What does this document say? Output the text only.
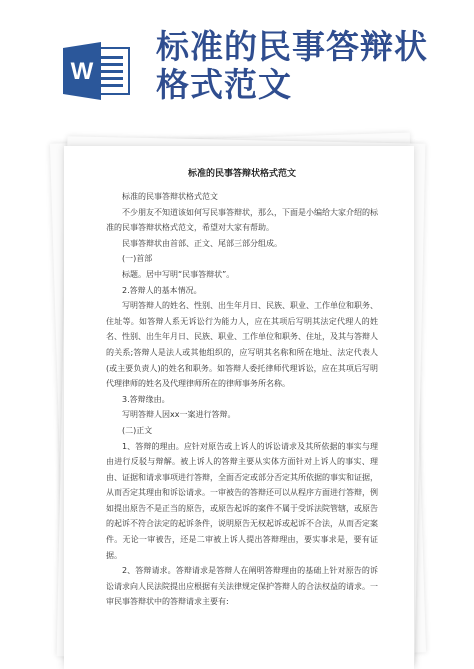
W
标准的民事答辩状
格式范文
标准的民事答辩状格式范文

标准的民事答辩状格式范文

不少朋友不知道该如何写民事答辩状，那么，下面是小编给大家介绍的标准的民事答辩状格式范文，希望对大家有帮助。

民事答辩状由首部、正文、尾部三部分组成。

(一)首部

标题。居中写明“民事答辩状”。

2.答辩人的基本情况。

写明答辩人的姓名、性别、出生年月日、民族、职业、工作单位和职务、住址等。如答辩人系无诉讼行为能力人，应在其项后写明其法定代理人的姓名、性别、出生年月日、民族、职业、工作单位和职务、住址，及其与答辩人的关系;答辩人是法人或其他组织的，应写明其名称和所在地址、法定代表人(或主要负责人)的姓名和职务。如答辩人委托律师代理诉讼，应在其项后写明代理律师的姓名及代理律师所在的律师事务所名称。

3.答辩缘由。

写明答辩人因xx一案进行答辩。

(二)正文

1、答辩的理由。应针对原告或上诉人的诉讼请求及其所依据的事实与理由进行反驳与辩解。被上诉人的答辩主要从实体方面针对上诉人的事实、理由、证据和请求事项进行答辩，全面否定或部分否定其所依据的事实和证据，从而否定其理由和诉讼请求。一审被告的答辩还可以从程序方面进行答辩，例如提出原告不是正当的原告，或原告起诉的案件不属于受诉法院管辖，或原告的起诉不符合法定的起诉条件，说明原告无权起诉或起诉不合法，从而否定案件。无论一审被告，还是二审被上诉人提出答辩理由，要实事求是，要有证据。

2、答辩请求。答辩请求是答辩人在阐明答辩理由的基础上针对原告的诉讼请求向人民法院提出应根据有关法律规定保护答辩人的合法权益的请求。一审民事答辩状中的答辩请求主要有:
